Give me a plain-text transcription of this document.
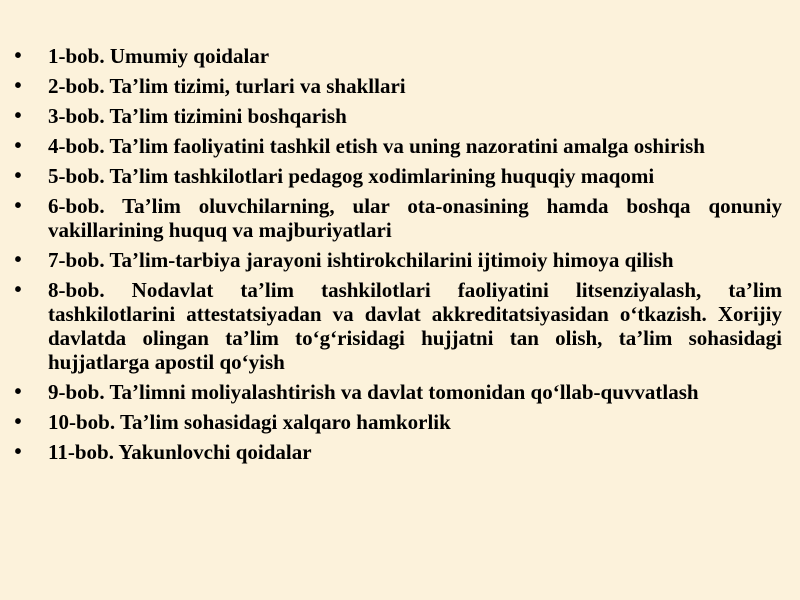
•	1-bob. Umumiy qoidalar
•	2-bob. Ta’lim tizimi, turlari va shakllari
•	3-bob. Ta’lim tizimini boshqarish
•	4-bob. Ta’lim faoliyatini tashkil etish va uning nazoratini amalga oshirish
•	5-bob. Ta’lim tashkilotlari pedagog xodimlarining huquqiy maqomi
•	6-bob. Ta’lim oluvchilarning, ular ota-onasining hamda boshqa qonuniy vakillarining huquq va majburiyatlari
•	7-bob. Ta’lim-tarbiya jarayoni ishtirokchilarini ijtimoiy himoya qilish
•	8-bob. Nodavlat ta’lim tashkilotlari faoliyatini litsenziyalash, ta’lim tashkilotlarini attestatsiyadan va davlat akkreditatsiyasidan o‘tkazish. Xorijiy davlatda olingan ta’lim to‘g‘risidagi hujjatni tan olish, ta’lim sohasidagi hujjatlarga apostil qo‘yish
•	9-bob. Ta’limni moliyalashtirish va davlat tomonidan qo‘llab-quvvatlash
•	10-bob. Ta’lim sohasidagi xalqaro hamkorlik
•	11-bob. Yakunlovchi qoidalar
